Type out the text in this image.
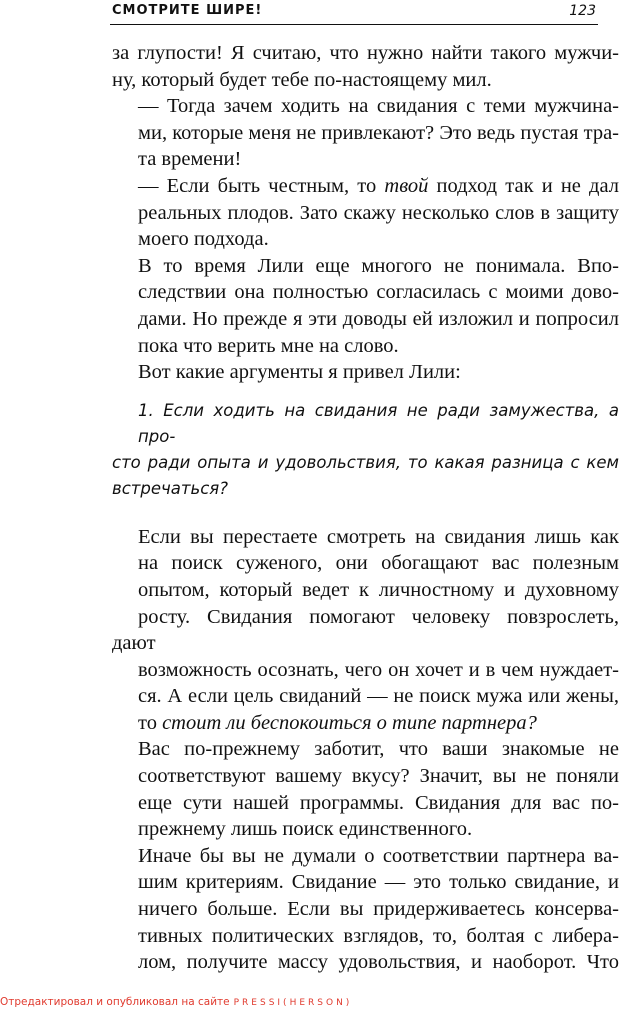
СМОТРИТЕ ШИРЕ!	123

за глупости! Я считаю, что нужно найти такого мужчи-
ну, который будет тебе по-настоящему мил.

— Тогда зачем ходить на свидания с теми мужчина-
ми, которые меня не привлекают? Это ведь пустая тра-
та времени!

— Если быть честным, то твой подход так и не дал
реальных плодов. Зато скажу несколько слов в защиту
моего подхода.

В то время Лили еще многого не понимала. Впо-
следствии она полностью согласилась с моими дово-
дами. Но прежде я эти доводы ей изложил и попросил
пока что верить мне на слово.

Вот какие аргументы я привел Лили:

1. Если ходить на свидания не ради замужества, а про-
сто ради опыта и удовольствия, то какая разница с кем
встречаться?

Если вы перестаете смотреть на свидания лишь как
на поиск суженого, они обогащают вас полезным
опытом, который ведет к личностному и духовному
росту. Свидания помогают человеку повзрослеть, дают
возможность осознать, чего он хочет и в чем нуждает-
ся. А если цель свиданий — не поиск мужа или жены,
то стоит ли беспокоиться о типе партнера?

Вас по-прежнему заботит, что ваши знакомые не
соответствуют вашему вкусу? Значит, вы не поняли
еще сути нашей программы. Свидания для вас по-
прежнему лишь поиск единственного.

Иначе бы вы не думали о соответствии партнера ва-
шим критериям. Свидание — это только свидание, и
ничего больше. Если вы придерживаетесь консерва-
тивных политических взглядов, то, болтая с либера-
лом, получите массу удовольствия, и наоборот. Что

Отредактировал и опубликовал на сайте PRESSI(HERSON)
